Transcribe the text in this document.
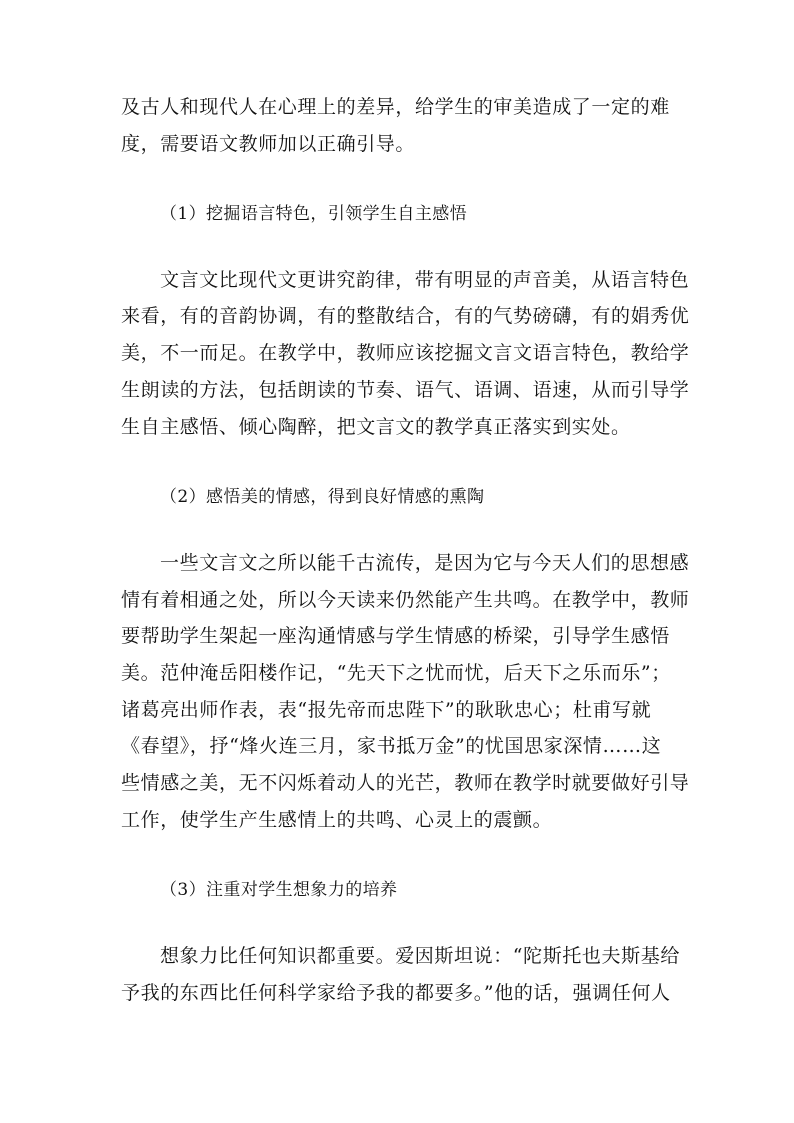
及古人和现代人在心理上的差异，给学生的审美造成了一定的难
度，需要语文教师加以正确引导。
（1）挖掘语言特色，引领学生自主感悟
文言文比现代文更讲究韵律，带有明显的声音美，从语言特色
来看，有的音韵协调，有的整散结合，有的气势磅礴，有的娟秀优
美，不一而足。在教学中，教师应该挖掘文言文语言特色，教给学
生朗读的方法，包括朗读的节奏、语气、语调、语速，从而引导学
生自主感悟、倾心陶醉，把文言文的教学真正落实到实处。
（2）感悟美的情感，得到良好情感的熏陶
一些文言文之所以能千古流传，是因为它与今天人们的思想感
情有着相通之处，所以今天读来仍然能产生共鸣。在教学中，教师
要帮助学生架起一座沟通情感与学生情感的桥梁，引导学生感悟
美。范仲淹岳阳楼作记，“先天下之忧而忧，后天下之乐而乐”；
诸葛亮出师作表，表“报先帝而忠陛下”的耿耿忠心；杜甫写就
《春望》，抒“烽火连三月，家书抵万金”的忧国思家深情……这
些情感之美，无不闪烁着动人的光芒，教师在教学时就要做好引导
工作，使学生产生感情上的共鸣、心灵上的震颤。
（3）注重对学生想象力的培养
想象力比任何知识都重要。爱因斯坦说：“陀斯托也夫斯基给
予我的东西比任何科学家给予我的都要多。”他的话，强调任何人
